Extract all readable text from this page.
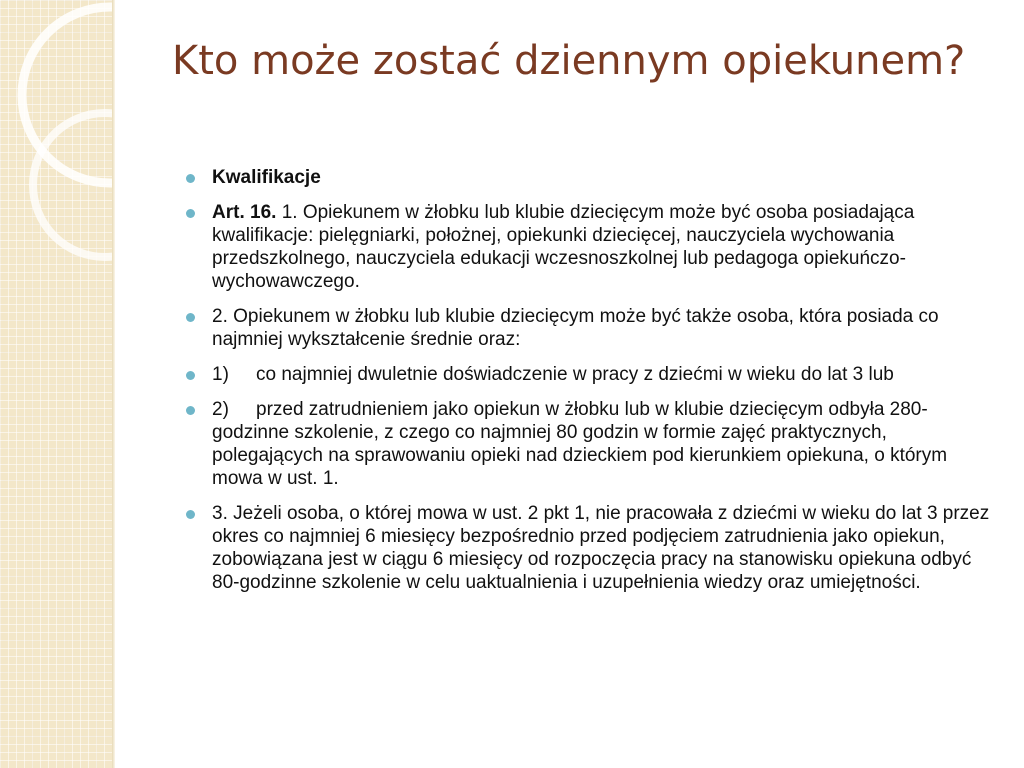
Kto może zostać dziennym opiekunem?
Kwalifikacje
Art. 16. 1. Opiekunem w żłobku lub klubie dziecięcym może być osoba posiadająca kwalifikacje: pielęgniarki, położnej, opiekunki dziecięcej, nauczyciela wychowania przedszkolnego, nauczyciela edukacji wczesnoszkolnej lub pedagoga opiekuńczo-wychowawczego.
2. Opiekunem w żłobku lub klubie dziecięcym może być także osoba, która posiada co najmniej wykształcenie średnie oraz:
1) co najmniej dwuletnie doświadczenie w pracy z dziećmi w wieku do lat 3 lub
2) przed zatrudnieniem jako opiekun w żłobku lub w klubie dziecięcym odbyła 280-godzinne szkolenie, z czego co najmniej 80 godzin w formie zajęć praktycznych, polegających na sprawowaniu opieki nad dzieckiem pod kierunkiem opiekuna, o którym mowa w ust. 1.
3. Jeżeli osoba, o której mowa w ust. 2 pkt 1, nie pracowała z dziećmi w wieku do lat 3 przez okres co najmniej 6 miesięcy bezpośrednio przed podjęciem zatrudnienia jako opiekun, zobowiązana jest w ciągu 6 miesięcy od rozpoczęcia pracy na stanowisku opiekuna odbyć 80-godzinne szkolenie w celu uaktualnienia i uzupełnienia wiedzy oraz umiejętności.
